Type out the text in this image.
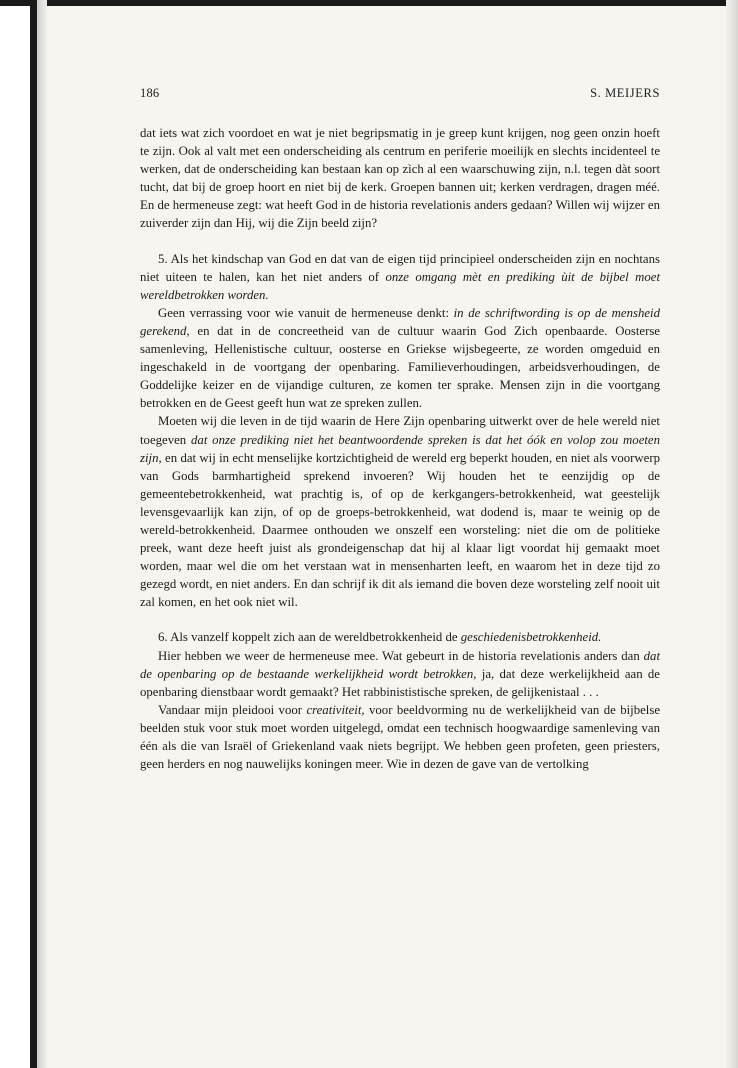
186	S. MEIJERS

dat iets wat zich voordoet en wat je niet begripsmatig in je greep kunt krijgen, nog geen onzin hoeft te zijn. Ook al valt met een onderscheiding als centrum en periferie moeilijk en slechts incidenteel te werken, dat de onderscheiding kan bestaan kan op zìch al een waarschuwing zijn, n.l. tegen dàt soort tucht, dat bij de groep hoort en niet bij de kerk. Groepen bannen uit; kerken verdragen, dragen méé. En de hermeneuse zegt: wat heeft God in de historia revelationis anders gedaan? Willen wij wijzer en zuiverder zijn dan Hij, wij die Zijn beeld zijn?

5. Als het kindschap van God en dat van de eigen tijd principieel onderscheiden zijn en nochtans niet uiteen te halen, kan het niet anders of onze omgang mèt en prediking ùit de bijbel moet wereldbetrokken worden.

Geen verrassing voor wie vanuit de hermeneuse denkt: in de schriftwording is op de mensheid gerekend, en dat in de concreetheid van de cultuur waarin God Zich openbaarde. Oosterse samenleving, Hellenistische cultuur, oosterse en Griekse wijsbegeerte, ze worden omgeduid en ingeschakeld in de voortgang der openbaring. Familieverhoudingen, arbeidsverhoudingen, de Goddelijke keizer en de vijandige culturen, ze komen ter sprake. Mensen zijn in die voortgang betrokken en de Geest geeft hun wat ze spreken zullen.

Moeten wij die leven in de tijd waarin de Here Zijn openbaring uitwerkt over de hele wereld niet toegeven dat onze prediking niet het beantwoordende spreken is dat het óók en volop zou moeten zijn, en dat wij in echt menselijke kortzichtigheid de wereld erg beperkt houden, en niet als voorwerp van Gods barmhartigheid sprekend invoeren? Wij houden het te eenzijdig op de gemeentebetrokkenheid, wat prachtig is, of op de kerkgangers-betrokkenheid, wat geestelijk levensgevaarlijk kan zijn, of op de groeps-betrokkenheid, wat dodend is, maar te weinig op de wereld-betrokkenheid. Daarmee onthouden we onszelf een worsteling: niet die om de politieke preek, want deze heeft juist als grondeigenschap dat hij al klaar ligt voordat hij gemaakt moet worden, maar wel die om het verstaan wat in mensenharten leeft, en waarom het in deze tijd zo gezegd wordt, en niet anders. En dan schrijf ik dit als iemand die boven deze worsteling zelf nooit uit zal komen, en het ook niet wil.

6. Als vanzelf koppelt zich aan de wereldbetrokkenheid de geschiedenisbetrokkenheid.

Hier hebben we weer de hermeneuse mee. Wat gebeurt in de historia revelationis anders dan dat de openbaring op de bestaande werkelijkheid wordt betrokken, ja, dat deze werkelijkheid aan de openbaring dienstbaar wordt gemaakt? Het rabbinististische spreken, de gelijkenistaal . . .

Vandaar mijn pleidooi voor creativiteit, voor beeldvorming nu de werkelijkheid van de bijbelse beelden stuk voor stuk moet worden uitgelegd, omdat een technisch hoogwaardige samenleving van één als die van Israël of Griekenland vaak niets begrijpt. We hebben geen profeten, geen priesters, geen herders en nog nauwelijks koningen meer. Wie in dezen de gave van de vertolking
